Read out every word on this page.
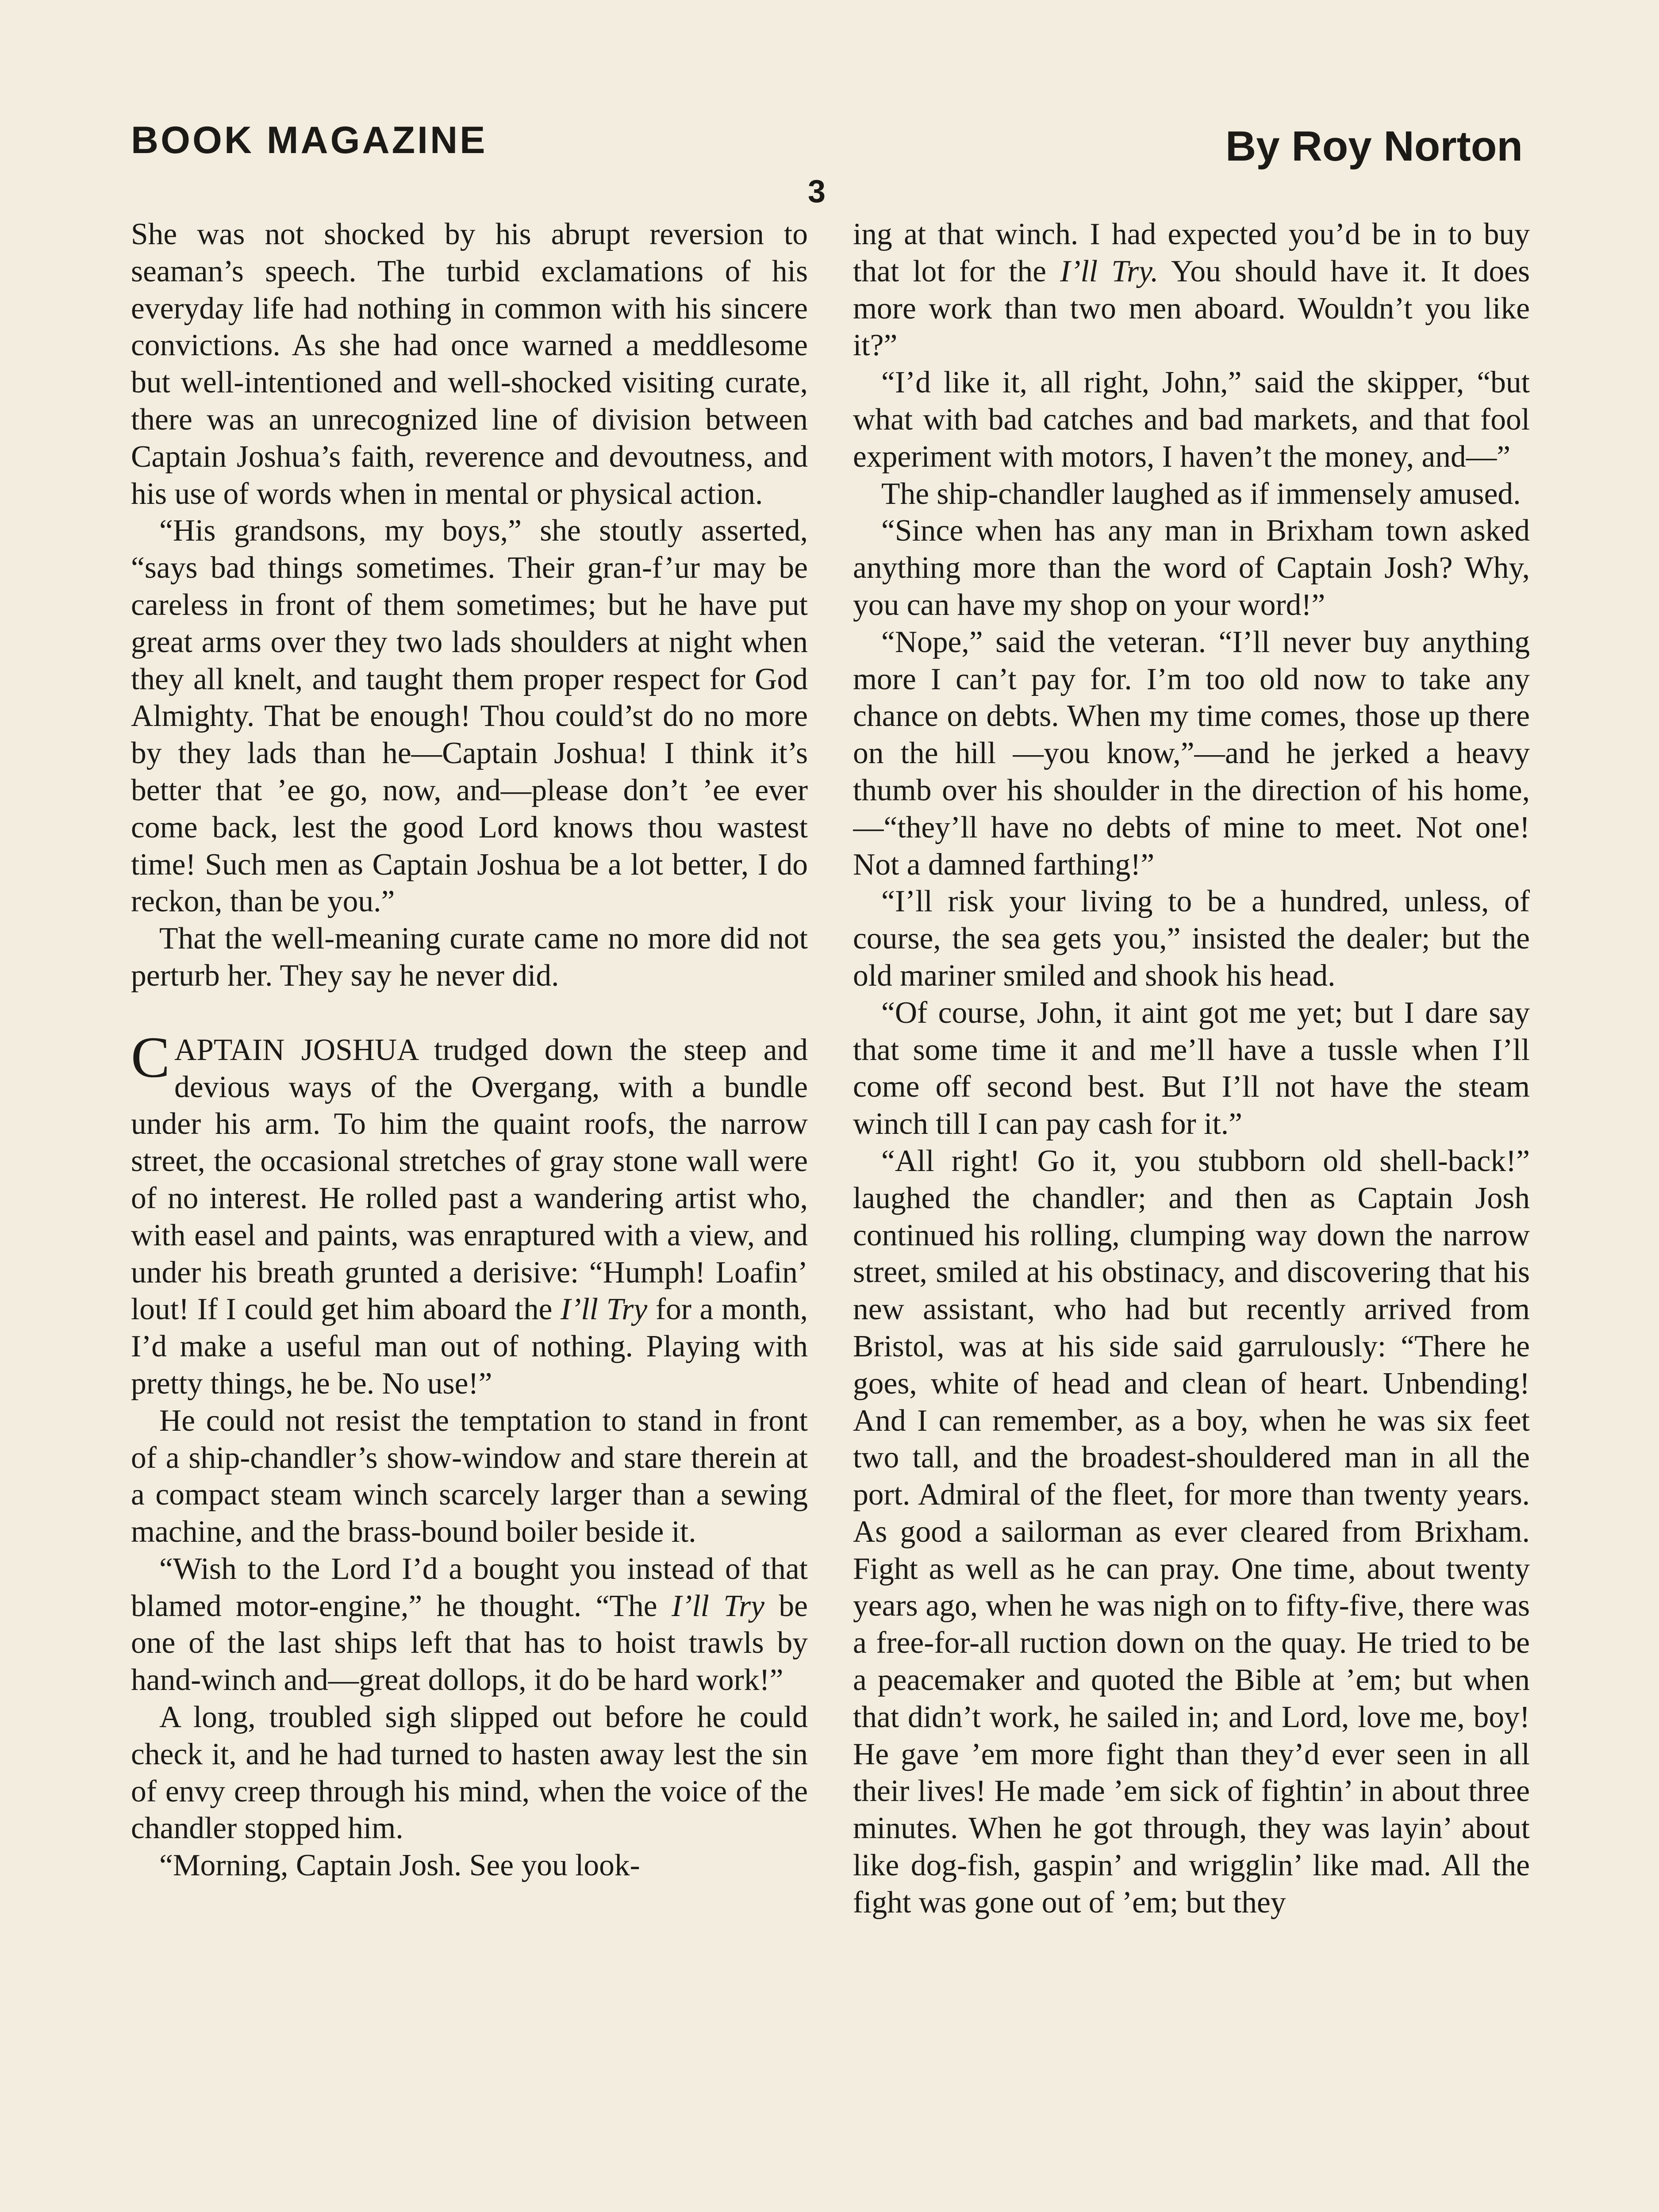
BOOK MAGAZINE	By Roy Norton
3

She was not shocked by his abrupt reversion to seaman’s speech. The turbid exclamations of his everyday life had nothing in common with his sincere convictions. As she had once warned a meddlesome but well-intentioned and well-shocked visiting curate, there was an unrecognized line of division between Captain Joshua’s faith, reverence and devoutness, and his use of words when in mental or physical action.

“His grandsons, my boys,” she stoutly asserted, “says bad things sometimes. Their gran-f’ur may be careless in front of them sometimes; but he have put great arms over they two lads shoulders at night when they all knelt, and taught them proper respect for God Almighty. That be enough! Thou could’st do no more by they lads than he—Captain Joshua! I think it’s better that ’ee go, now, and—please don’t ’ee ever come back, lest the good Lord knows thou wastest time! Such men as Captain Joshua be a lot better, I do reckon, than be you.”

That the well-meaning curate came no more did not perturb her. They say he never did.

CAPTAIN JOSHUA trudged down the steep and devious ways of the Overgang, with a bundle under his arm. To him the quaint roofs, the narrow street, the occasional stretches of gray stone wall were of no interest. He rolled past a wandering artist who, with easel and paints, was enraptured with a view, and under his breath grunted a derisive: “Humph! Loafin’ lout! If I could get him aboard the I’ll Try for a month, I’d make a useful man out of nothing. Playing with pretty things, he be. No use!”

He could not resist the temptation to stand in front of a ship-chandler’s show-window and stare therein at a compact steam winch scarcely larger than a sewing machine, and the brass-bound boiler beside it.

“Wish to the Lord I’d a bought you instead of that blamed motor-engine,” he thought. “The I’ll Try be one of the last ships left that has to hoist trawls by hand-winch and—great dollops, it do be hard work!”

A long, troubled sigh slipped out before he could check it, and he had turned to hasten away lest the sin of envy creep through his mind, when the voice of the chandler stopped him.

“Morning, Captain Josh. See you look-

ing at that winch. I had expected you’d be in to buy that lot for the I’ll Try. You should have it. It does more work than two men aboard. Wouldn’t you like it?”

“I’d like it, all right, John,” said the skipper, “but what with bad catches and bad markets, and that fool experiment with motors, I haven’t the money, and—”

The ship-chandler laughed as if immensely amused.

“Since when has any man in Brixham town asked anything more than the word of Captain Josh? Why, you can have my shop on your word!”

“Nope,” said the veteran. “I’ll never buy anything more I can’t pay for. I’m too old now to take any chance on debts. When my time comes, those up there on the hill —you know,”—and he jerked a heavy thumb over his shoulder in the direction of his home,—“they’ll have no debts of mine to meet. Not one! Not a damned farthing!”

“I’ll risk your living to be a hundred, unless, of course, the sea gets you,” insisted the dealer; but the old mariner smiled and shook his head.

“Of course, John, it aint got me yet; but I dare say that some time it and me’ll have a tussle when I’ll come off second best. But I’ll not have the steam winch till I can pay cash for it.”

“All right! Go it, you stubborn old shell-back!” laughed the chandler; and then as Captain Josh continued his rolling, clumping way down the narrow street, smiled at his obstinacy, and discovering that his new assistant, who had but recently arrived from Bristol, was at his side said garrulously: “There he goes, white of head and clean of heart. Unbending! And I can remember, as a boy, when he was six feet two tall, and the broadest-shouldered man in all the port. Admiral of the fleet, for more than twenty years. As good a sailorman as ever cleared from Brixham. Fight as well as he can pray. One time, about twenty years ago, when he was nigh on to fifty-five, there was a free-for-all ruction down on the quay. He tried to be a peacemaker and quoted the Bible at ’em; but when that didn’t work, he sailed in; and Lord, love me, boy! He gave ’em more fight than they’d ever seen in all their lives! He made ’em sick of fightin’ in about three minutes. When he got through, they was layin’ about like dog-fish, gaspin’ and wrigglin’ like mad. All the fight was gone out of ’em; but they
